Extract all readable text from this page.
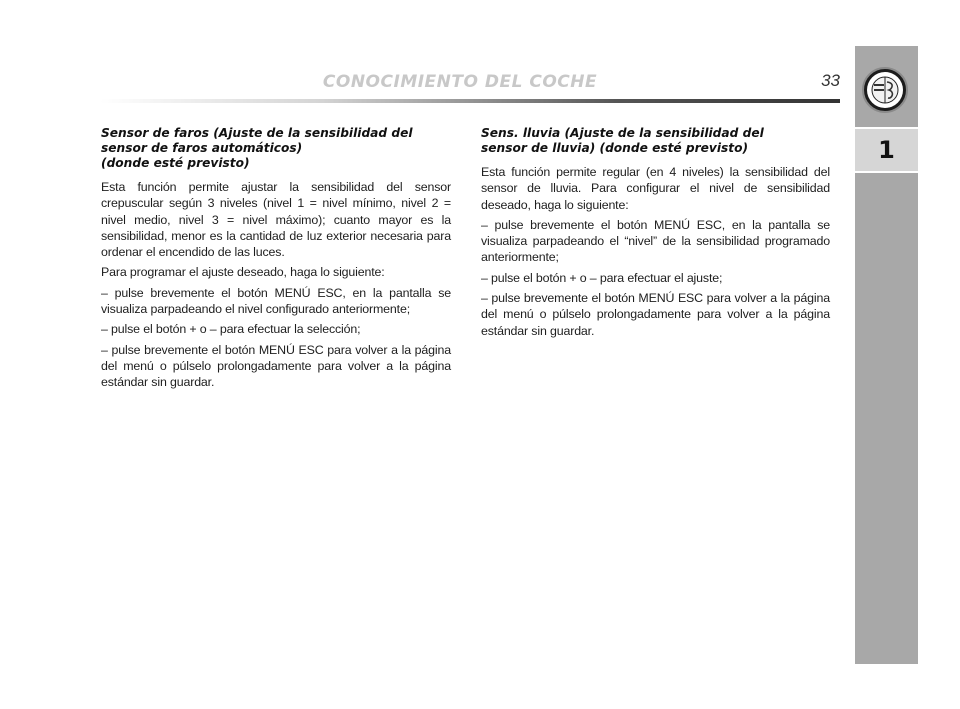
CONOCIMIENTO DEL COCHE	33
1
Sensor de faros (Ajuste de la sensibilidad del
sensor de faros automáticos)
(donde esté previsto)

Esta función permite ajustar la sensibilidad del sensor crepuscular según 3 niveles (nivel 1 = nivel mínimo, nivel 2 = nivel medio, nivel 3 = nivel máximo); cuanto mayor es la sensibilidad, menor es la cantidad de luz exterior necesaria para ordenar el encendido de las luces.

Para programar el ajuste deseado, haga lo siguiente:

– pulse brevemente el botón MENÚ ESC, en la pantalla se visualiza parpadeando el nivel configurado anteriormente;

– pulse el botón + o – para efectuar la selección;

– pulse brevemente el botón MENÚ ESC para volver a la página del menú o púlselo prolongadamente para volver a la página estándar sin guardar.

Sens. lluvia (Ajuste de la sensibilidad del
sensor de lluvia) (donde esté previsto)

Esta función permite regular (en 4 niveles) la sensibilidad del sensor de lluvia. Para configurar el nivel de sensibilidad deseado, haga lo siguiente:

– pulse brevemente el botón MENÚ ESC, en la pantalla se visualiza parpadeando el “nivel” de la sensibilidad programado anteriormente;

– pulse el botón + o – para efectuar el ajuste;

– pulse brevemente el botón MENÚ ESC para volver a la página del menú o púlselo prolongadamente para volver a la página estándar sin guardar.
